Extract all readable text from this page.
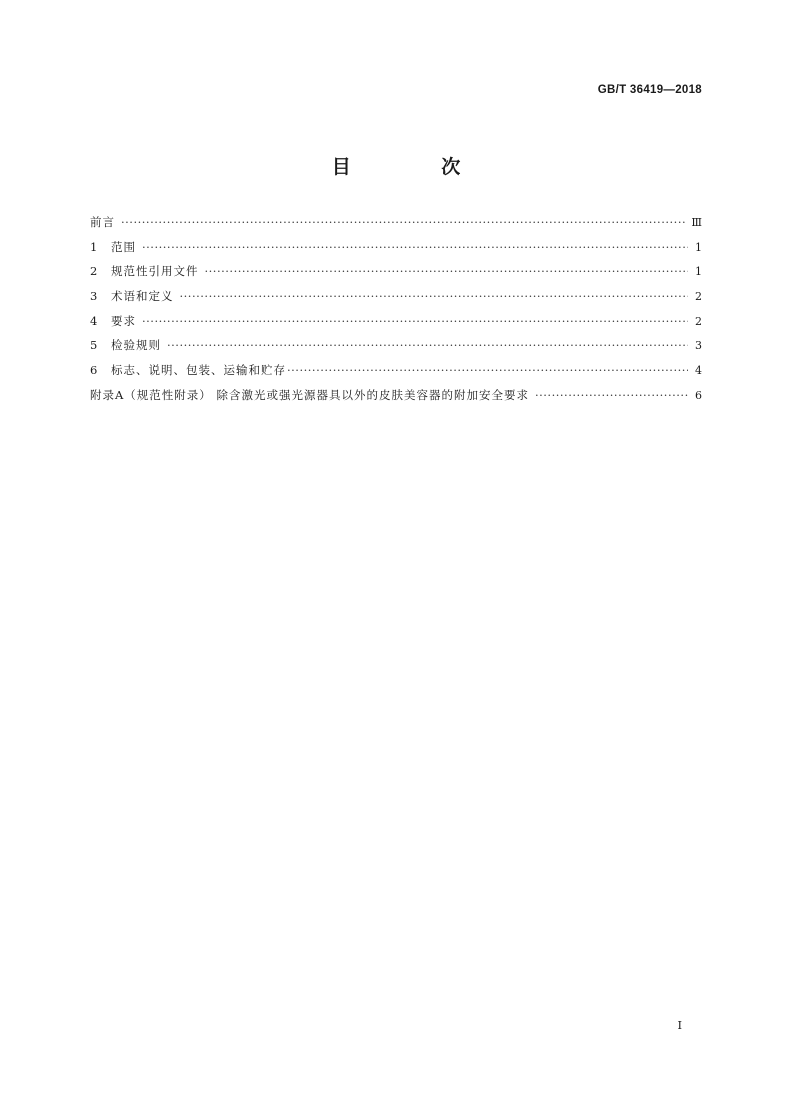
GB/T 36419—2018
目 次
前言 ·····	Ⅲ
1	范围 ·····	1
2	规范性引用文件 ·····	1
3	术语和定义 ·····	2
4	要求 ·····	2
5	检验规则 ·····	3
6	标志、说明、包装、运输和贮存 ·····	4
附录A（规范性附录） 除含激光或强光源器具以外的皮肤美容器的附加安全要求 ·····	6
Ⅰ
